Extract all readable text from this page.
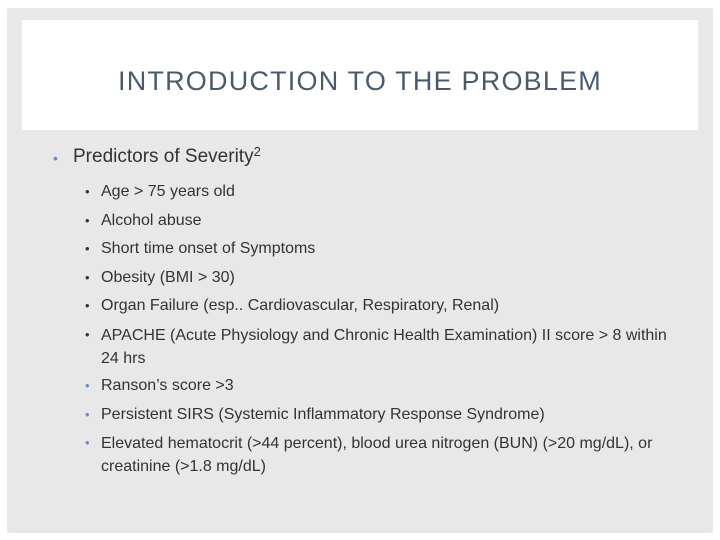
INTRODUCTION TO THE PROBLEM
• Predictors of Severity$^2$
• Age > 75 years old
• Alcohol abuse
• Short time onset of Symptoms
• Obesity (BMI > 30)
• Organ Failure (esp.. Cardiovascular, Respiratory, Renal)
• APACHE (Acute Physiology and Chronic Health Examination) II score > 8 within 24 hrs
• Ranson’s score >3
• Persistent SIRS (Systemic Inflammatory Response Syndrome)
• Elevated hematocrit (>44 percent), blood urea nitrogen (BUN) (>20 mg/dL), or creatinine (>1.8 mg/dL)
